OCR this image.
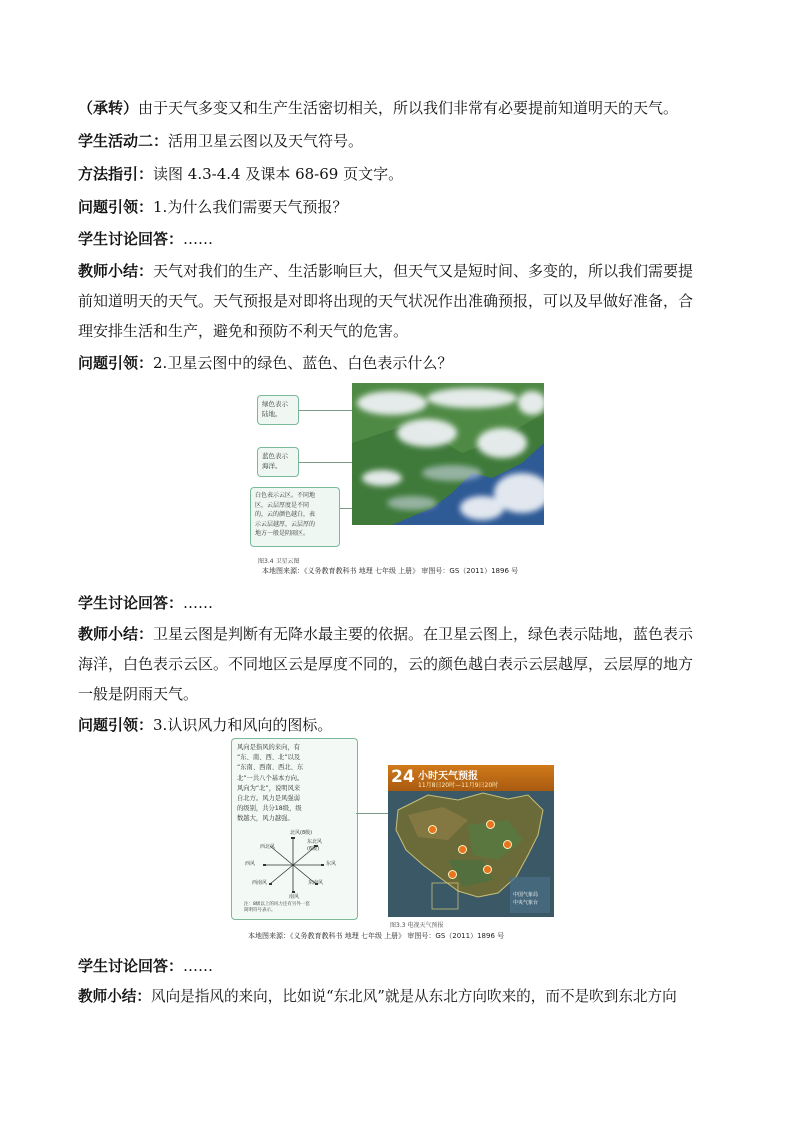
（承转）由于天气多变又和生产生活密切相关，所以我们非常有必要提前知道明天的天气。
学生活动二：活用卫星云图以及天气符号。
方法指引：读图 4.3-4.4 及课本 68-69 页文字。
问题引领：1.为什么我们需要天气预报？
学生讨论回答：……
教师小结：天气对我们的生产、生活影响巨大，但天气又是短时间、多变的，所以我们需要提
前知道明天的天气。天气预报是对即将出现的天气状况作出准确预报，可以及早做好准备，合
理安排生活和生产，避免和预防不利天气的危害。
问题引领：2.卫星云图中的绿色、蓝色、白色表示什么？
绿色表示
陆地。
蓝色表示
海洋。
白色表示云区。不同地
区，云层厚度是不同
的，云的颜色越白，表
示云层越厚，云层厚的
地方一般是阴雨区。
图3.4 卫星云图
本地图来源：《义务教育教科书 地理 七年级 上册》 审图号：GS（2011）1896 号
学生讨论回答：……
教师小结：卫星云图是判断有无降水最主要的依据。在卫星云图上，绿色表示陆地，蓝色表示
海洋，白色表示云区。不同地区云是厚度不同的，云的颜色越白表示云层越厚，云层厚的地方
一般是阴雨天气。
问题引领：3.认识风力和风向的图标。
风向是指风的来向，有
“东、南、西、北”以及
“东南、西南、西北、东
北”一共八个基本方向。
风向为“北”，说明风来
自北方。风力是风强弱
的级别，共分18级，级
数越大，风力越强。
北风(8级)
东北风
(6级)
西北风
西风	东风
西南风	东南风
南风
注：8级以上的风力还有另外一套
简明符号表示。
24 小时天气预报
11月8日20时—11月9日20时
中国气象局
中央气象台
图3.3 电视天气预报
本地图来源：《义务教育教科书 地理 七年级 上册》 审图号：GS（2011）1896 号
学生讨论回答：……
教师小结：风向是指风的来向，比如说“东北风”就是从东北方向吹来的，而不是吹到东北方向
